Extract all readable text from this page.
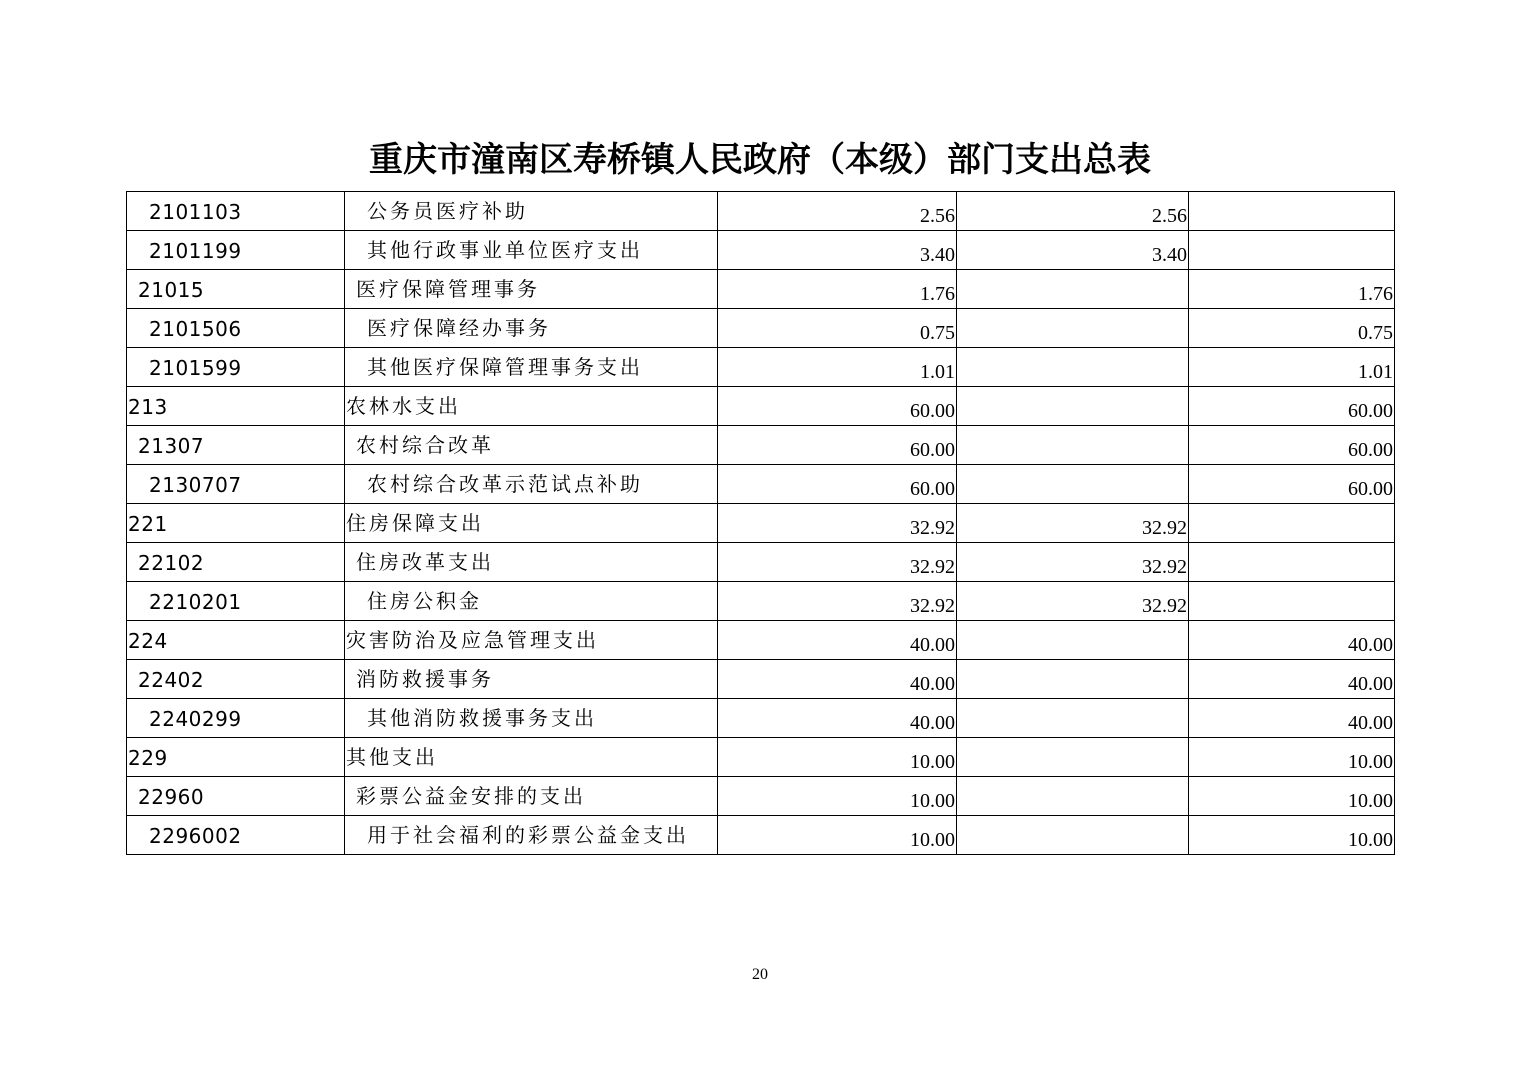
重庆市潼南区寿桥镇人民政府（本级）部门支出总表
2101103	公务员医疗补助	2.56	2.56	
2101199	其他行政事业单位医疗支出	3.40	3.40	
21015	医疗保障管理事务	1.76		1.76
2101506	医疗保障经办事务	0.75		0.75
2101599	其他医疗保障管理事务支出	1.01		1.01
213	农林水支出	60.00		60.00
21307	农村综合改革	60.00		60.00
2130707	农村综合改革示范试点补助	60.00		60.00
221	住房保障支出	32.92	32.92	
22102	住房改革支出	32.92	32.92	
2210201	住房公积金	32.92	32.92	
224	灾害防治及应急管理支出	40.00		40.00
22402	消防救援事务	40.00		40.00
2240299	其他消防救援事务支出	40.00		40.00
229	其他支出	10.00		10.00
22960	彩票公益金安排的支出	10.00		10.00
2296002	用于社会福利的彩票公益金支出	10.00		10.00
20
